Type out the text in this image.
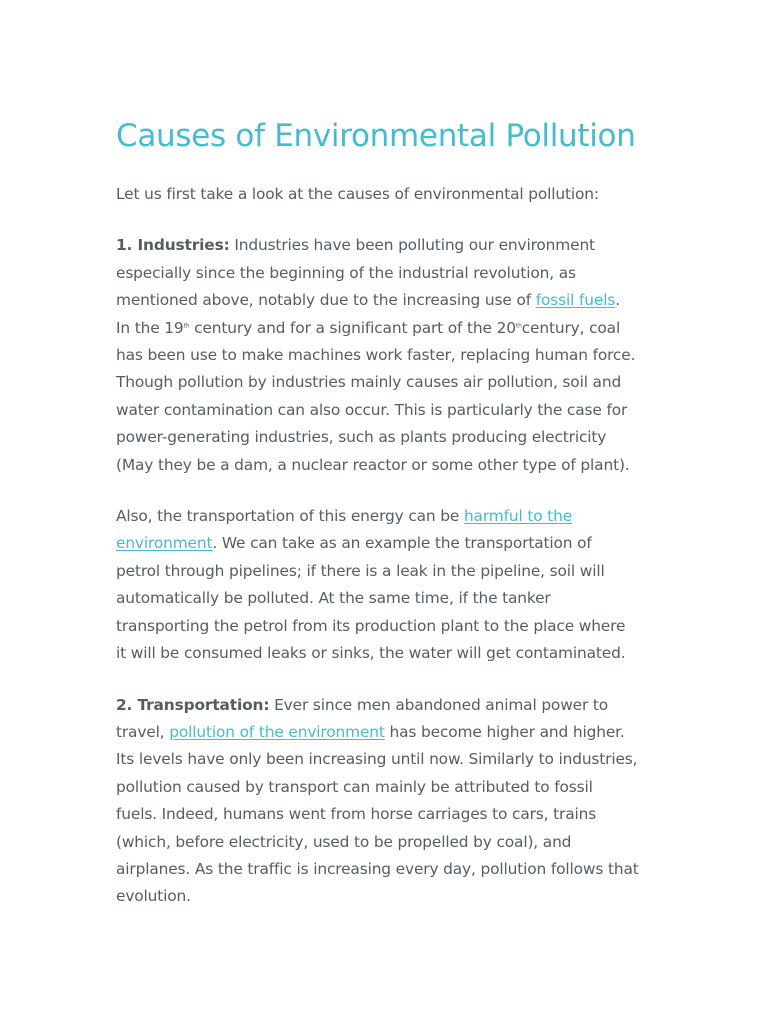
Causes of Environmental Pollution

Let us first take a look at the causes of environmental pollution:

1. Industries: Industries have been polluting our environment
especially since the beginning of the industrial revolution, as
mentioned above, notably due to the increasing use of fossil fuels.
In the 19th century and for a significant part of the 20thcentury, coal
has been use to make machines work faster, replacing human force.
Though pollution by industries mainly causes air pollution, soil and
water contamination can also occur. This is particularly the case for
power-generating industries, such as plants producing electricity
(May they be a dam, a nuclear reactor or some other type of plant).

Also, the transportation of this energy can be harmful to the
environment. We can take as an example the transportation of
petrol through pipelines; if there is a leak in the pipeline, soil will
automatically be polluted. At the same time, if the tanker
transporting the petrol from its production plant to the place where
it will be consumed leaks or sinks, the water will get contaminated.

2. Transportation: Ever since men abandoned animal power to
travel, pollution of the environment has become higher and higher.
Its levels have only been increasing until now. Similarly to industries,
pollution caused by transport can mainly be attributed to fossil
fuels. Indeed, humans went from horse carriages to cars, trains
(which, before electricity, used to be propelled by coal), and
airplanes. As the traffic is increasing every day, pollution follows that
evolution.
